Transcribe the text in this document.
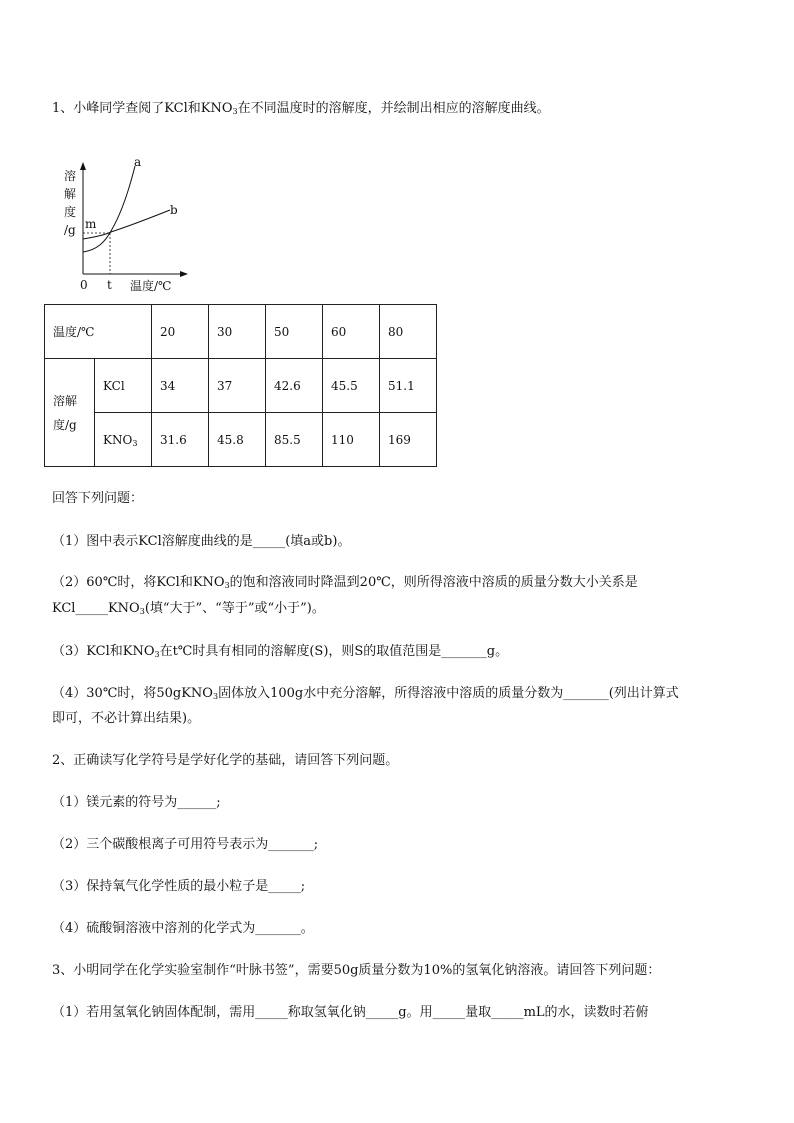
1、小峰同学查阅了KCl和$KNO_3$在不同温度时的溶解度，并绘制出相应的溶解度曲线。
溶
解
度
/g m
a
b
0 t 温度/℃
温度/℃		20	30	50	60	80
溶解
度/g	KCl	34	37	42.6	45.5	51.1
	$KNO_3$	31.6	45.8	85.5	110	169
回答下列问题：
（1）图中表示KCl溶解度曲线的是_____(填a或b)。
（2）60℃时，将KCl和$KNO_3$的饱和溶液同时降温到20℃，则所得溶液中溶质的质量分数大小关系是
$KCl\_\_\_\_\_KNO_3$(填“大于”、“等于”或“小于”)。
（3）KCl和$KNO_3$在t℃时具有相同的溶解度(S)，则S的取值范围是_______g。
（4）30℃时，将50gKNO$_3$固体放入100g水中充分溶解，所得溶液中溶质的质量分数为_______(列出计算式
即可，不必计算出结果)。
2、正确读写化学符号是学好化学的基础，请回答下列问题。
（1）镁元素的符号为______;
（2）三个碳酸根离子可用符号表示为_______;
（3）保持氧气化学性质的最小粒子是_____;
（4）硫酸铜溶液中溶剂的化学式为_______。
3、小明同学在化学实验室制作“叶脉书签”，需要50g质量分数为10%的氢氧化钠溶液。请回答下列问题：
（1）若用氢氧化钠固体配制，需用_____称取氢氧化钠_____g。用_____量取_____mL的水，读数时若俯
